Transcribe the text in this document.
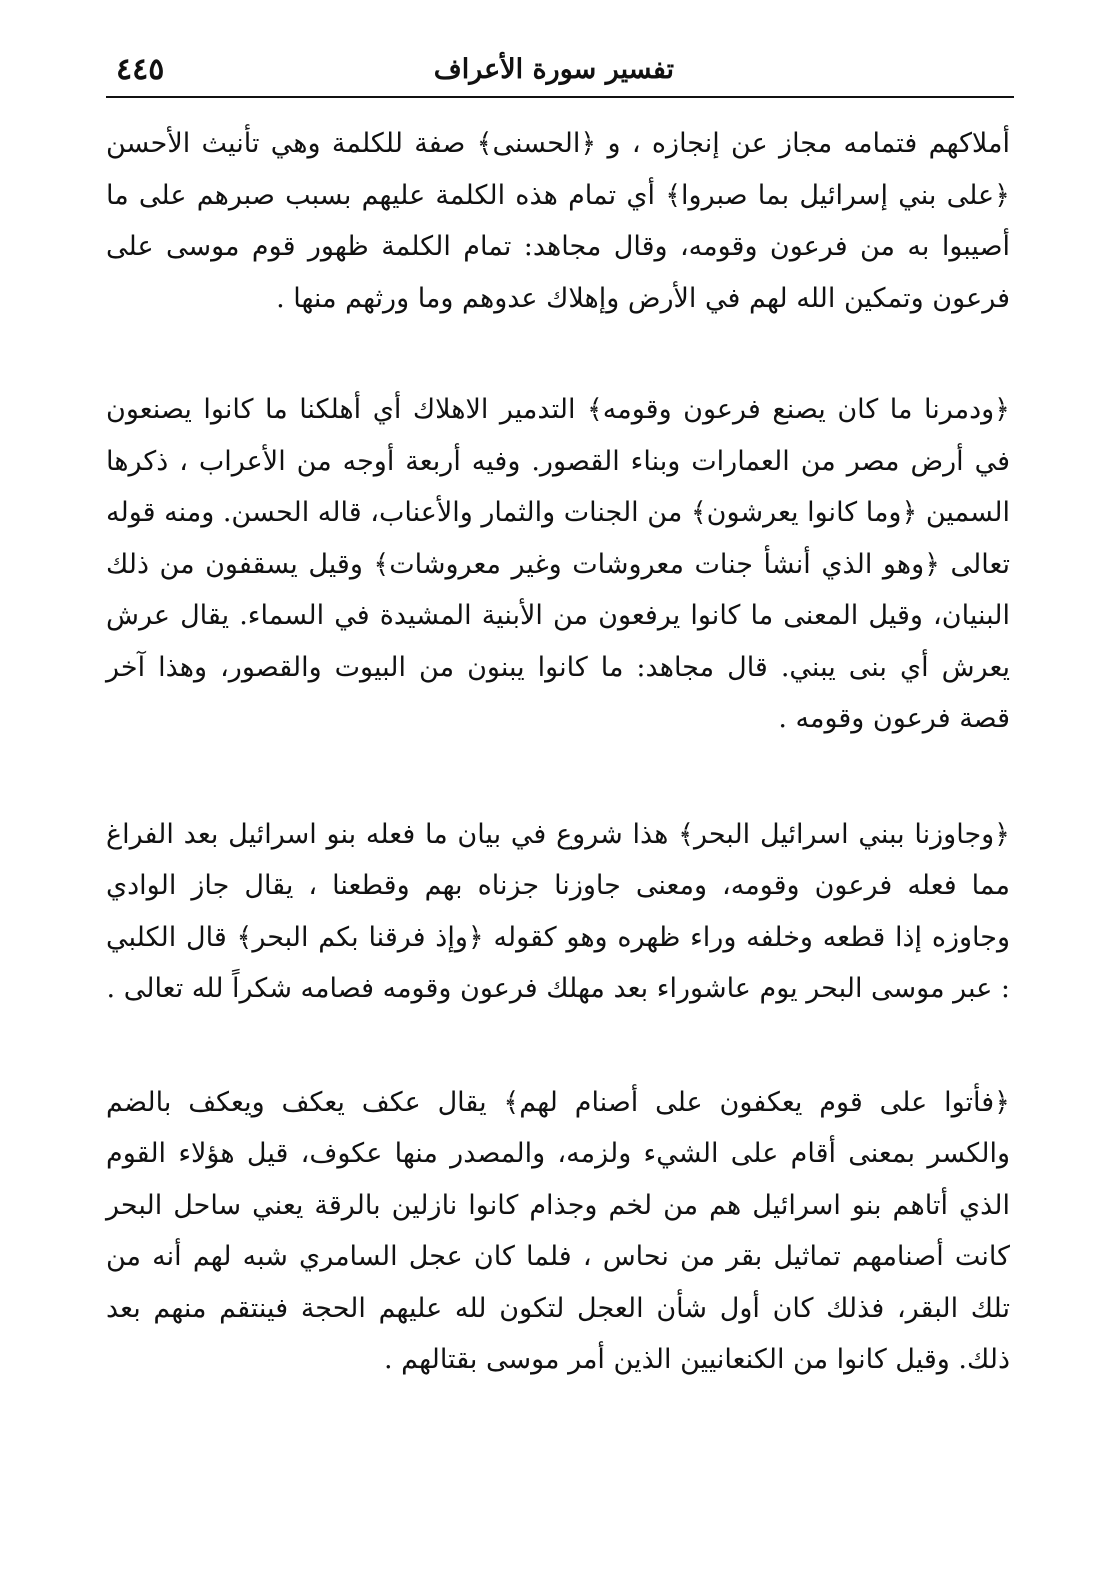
تفسير سورة الأعراف
٤٤٥

أملاكهم فتمامه مجاز عن إنجازه ، و ﴿الحسنى﴾ صفة للكلمة وهي تأنيث الأحسن ﴿على بني إسرائيل بما صبروا﴾ أي تمام هذه الكلمة عليهم بسبب صبرهم على ما أصيبوا به من فرعون وقومه، وقال مجاهد: تمام الكلمة ظهور قوم موسى على فرعون وتمكين الله لهم في الأرض وإهلاك عدوهم وما ورثهم منها .

﴿ودمرنا ما كان يصنع فرعون وقومه﴾ التدمير الاهلاك أي أهلكنا ما كانوا يصنعون في أرض مصر من العمارات وبناء القصور. وفيه أربعة أوجه من الأعراب ، ذكرها السمين ﴿وما كانوا يعرشون﴾ من الجنات والثمار والأعناب، قاله الحسن. ومنه قوله تعالى ﴿وهو الذي أنشأ جنات معروشات وغير معروشات﴾ وقيل يسقفون من ذلك البنيان، وقيل المعنى ما كانوا يرفعون من الأبنية المشيدة في السماء. يقال عرش يعرش أي بنى يبني. قال مجاهد: ما كانوا يبنون من البيوت والقصور، وهذا آخر قصة فرعون وقومه .

﴿وجاوزنا ببني اسرائيل البحر﴾ هذا شروع في بيان ما فعله بنو اسرائيل بعد الفراغ مما فعله فرعون وقومه، ومعنى جاوزنا جزناه بهم وقطعنا ، يقال جاز الوادي وجاوزه إذا قطعه وخلفه وراء ظهره وهو كقوله ﴿وإذ فرقنا بكم البحر﴾ قال الكلبي : عبر موسى البحر يوم عاشوراء بعد مهلك فرعون وقومه فصامه شكراً لله تعالى .

﴿فأتوا على قوم يعكفون على أصنام لهم﴾ يقال عكف يعكف ويعكف بالضم والكسر بمعنى أقام على الشيء ولزمه، والمصدر منها عكوف، قيل هؤلاء القوم الذي أتاهم بنو اسرائيل هم من لخم وجذام كانوا نازلين بالرقة يعني ساحل البحر كانت أصنامهم تماثيل بقر من نحاس ، فلما كان عجل السامري شبه لهم أنه من تلك البقر، فذلك كان أول شأن العجل لتكون لله عليهم الحجة فينتقم منهم بعد ذلك. وقيل كانوا من الكنعانيين الذين أمر موسى بقتالهم .
